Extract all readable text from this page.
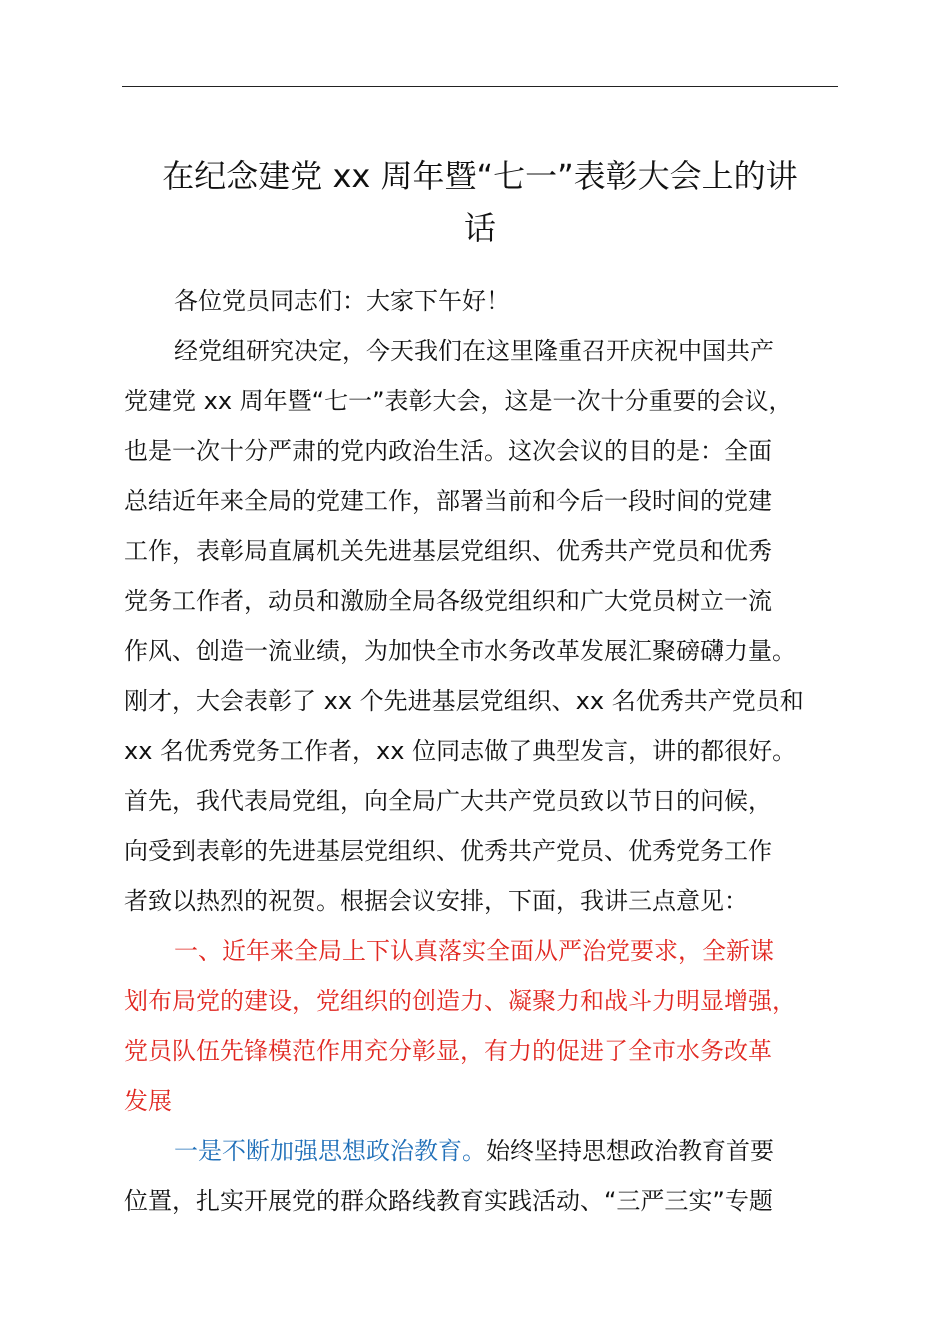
在纪念建党 xx 周年暨“七一”表彰大会上的讲
话
各位党员同志们：大家下午好！
经党组研究决定，今天我们在这里隆重召开庆祝中国共产
党建党 xx 周年暨“七一”表彰大会，这是一次十分重要的会议，
也是一次十分严肃的党内政治生活。这次会议的目的是：全面
总结近年来全局的党建工作，部署当前和今后一段时间的党建
工作，表彰局直属机关先进基层党组织、优秀共产党员和优秀
党务工作者，动员和激励全局各级党组织和广大党员树立一流
作风、创造一流业绩，为加快全市水务改革发展汇聚磅礴力量。
刚才，大会表彰了 xx 个先进基层党组织、xx 名优秀共产党员和
xx 名优秀党务工作者，xx 位同志做了典型发言，讲的都很好。
首先，我代表局党组，向全局广大共产党员致以节日的问候，
向受到表彰的先进基层党组织、优秀共产党员、优秀党务工作
者致以热烈的祝贺。根据会议安排，下面，我讲三点意见：
一、近年来全局上下认真落实全面从严治党要求，全新谋
划布局党的建设，党组织的创造力、凝聚力和战斗力明显增强，
党员队伍先锋模范作用充分彰显，有力的促进了全市水务改革
发展
一是不断加强思想政治教育。始终坚持思想政治教育首要
位置，扎实开展党的群众路线教育实践活动、“三严三实”专题
